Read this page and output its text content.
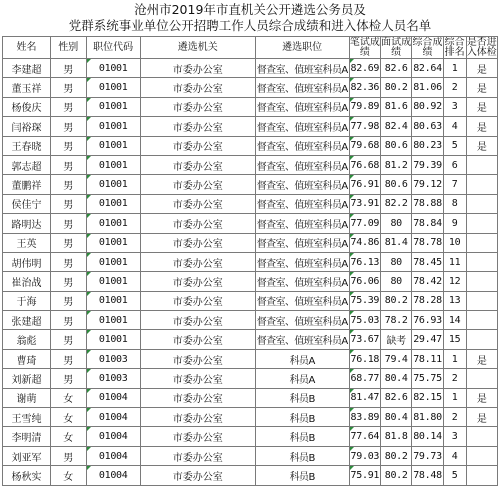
沧州市2019年市直机关公开遴选公务员及
党群系统事业单位公开招聘工作人员综合成绩和进入体检人员名单
姓名	性别	职位代码	遴选机关	遴选职位	笔试成绩	面试成绩	综合成绩	综合排名	是否进入体检
李建超	男	01001	市委办公室	督查室、值班室科员A	82.69	82.6	82.64	1	是
董玉祥	男	01001	市委办公室	督查室、值班室科员A	82.36	80.2	81.06	2	是
杨俊庆	男	01001	市委办公室	督查室、值班室科员A	79.89	81.6	80.92	3	是
闫裕琛	男	01001	市委办公室	督查室、值班室科员A	77.98	82.4	80.63	4	是
王春晓	男	01001	市委办公室	督查室、值班室科员A	79.68	80.6	80.23	5	是
郭志超	男	01001	市委办公室	督查室、值班室科员A	76.68	81.2	79.39	6	
董鹏祥	男	01001	市委办公室	督查室、值班室科员A	76.91	80.6	79.12	7	
侯佳宁	男	01001	市委办公室	督查室、值班室科员A	73.91	82.2	78.88	8	
路明达	男	01001	市委办公室	督查室、值班室科员A	77.09	80	78.84	9	
王英	男	01001	市委办公室	督查室、值班室科员A	74.86	81.4	78.78	10	
胡伟明	男	01001	市委办公室	督查室、值班室科员A	76.13	80	78.45	11	
崔治战	男	01001	市委办公室	督查室、值班室科员A	76.06	80	78.42	12	
于海	男	01001	市委办公室	督查室、值班室科员A	75.39	80.2	78.28	13	
张建超	男	01001	市委办公室	督查室、值班室科员A	75.03	78.2	76.93	14	
翁彪	男	01001	市委办公室	督查室、值班室科员A	73.67	缺考	29.47	15	
曹琦	男	01003	市委办公室	科员A	76.18	79.4	78.11	1	是
刘新超	男	01003	市委办公室	科员A	68.77	80.4	75.75	2	
谢萌	女	01004	市委办公室	科员B	81.47	82.6	82.15	1	是
王雪纯	女	01004	市委办公室	科员B	83.89	80.4	81.80	2	是
李明清	女	01004	市委办公室	科员B	77.64	81.8	80.14	3	
刘亚军	男	01004	市委办公室	科员B	79.03	80.2	79.73	4	
杨秋实	女	01004	市委办公室	科员B	75.91	80.2	78.48	5	
